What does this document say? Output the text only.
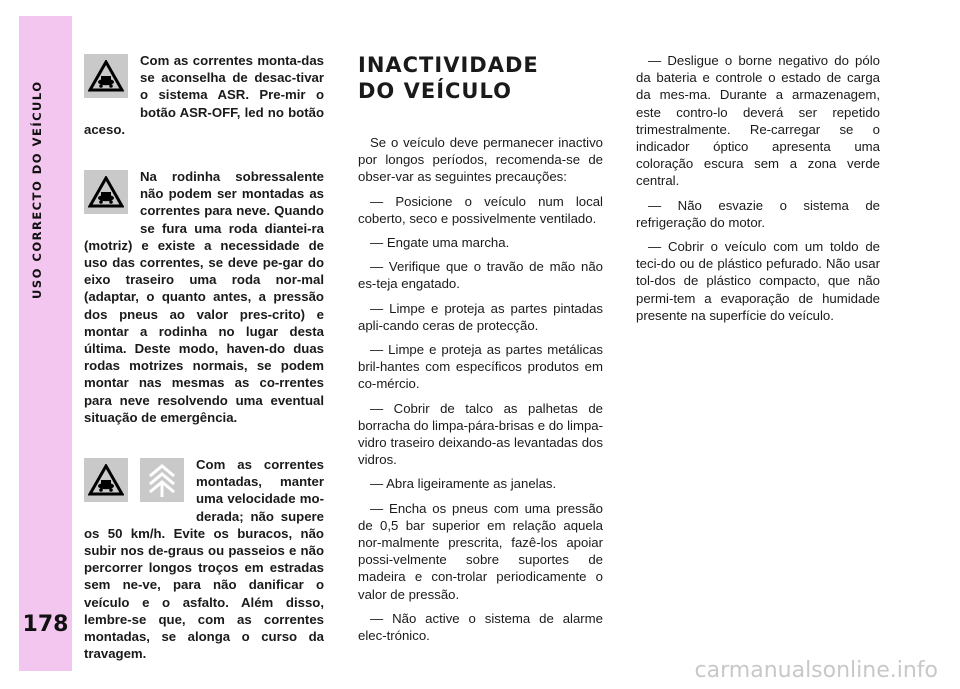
USO CORRECTO DO VEÍCULO
178

Com as correntes monta-das se aconselha de desac-tivar o sistema ASR. Pre-mir o botão ASR-OFF, led no botão aceso.

Na rodinha sobressalente não podem ser montadas as correntes para neve. Quando se fura uma roda diantei-ra (motriz) e existe a necessidade de uso das correntes, se deve pe-gar do eixo traseiro uma roda nor-mal (adaptar, o quanto antes, a pressão dos pneus ao valor pres-crito) e montar a rodinha no lugar desta última. Deste modo, haven-do duas rodas motrizes normais, se podem montar nas mesmas as co-rrentes para neve resolvendo uma eventual situação de emergência.

Com as correntes montadas, manter uma velocidade mo-derada; não supere os 50 km/h. Evite os buracos, não subir nos de-graus ou passeios e não percorrer longos troços em estradas sem ne-ve, para não danificar o veículo e o asfalto. Além disso, lembre-se que, com as correntes montadas, se alonga o curso da travagem.

INACTIVIDADE
DO VEÍCULO

Se o veículo deve permanecer inactivo por longos períodos, recomenda-se de obser-var as seguintes precauções:

— Posicione o veículo num local coberto, seco e possivelmente ventilado.

— Engate uma marcha.

— Verifique que o travão de mão não es-teja engatado.

— Limpe e proteja as partes pintadas apli-cando ceras de protecção.

— Limpe e proteja as partes metálicas bril-hantes com específicos produtos em co-mércio.

— Cobrir de talco as palhetas de borracha do limpa-pára-brisas e do limpa-vidro traseiro deixando-as levantadas dos vidros.

— Abra ligeiramente as janelas.

— Encha os pneus com uma pressão de 0,5 bar superior em relação aquela nor-malmente prescrita, fazê-los apoiar possi-velmente sobre suportes de madeira e con-trolar periodicamente o valor de pressão.

— Não active o sistema de alarme elec-trónico.

— Desligue o borne negativo do pólo da bateria e controle o estado de carga da mes-ma. Durante a armazenagem, este contro-lo deverá ser repetido trimestralmente. Re-carregar se o indicador óptico apresenta uma coloração escura sem a zona verde central.

— Não esvazie o sistema de refrigeração do motor.

— Cobrir o veículo com um toldo de teci-do ou de plástico pefurado. Não usar tol-dos de plástico compacto, que não permi-tem a evaporação de humidade presente na superfície do veículo.

carmanualsonline.info
